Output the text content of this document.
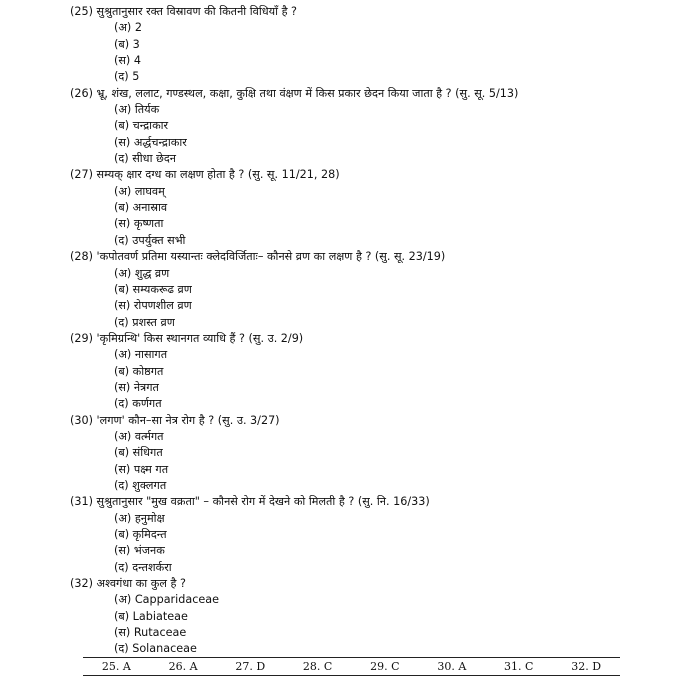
(25) सुश्रुतानुसार रक्त विस्रावण की कितनी विधियाँ है ?
(अ) 2
(ब) 3
(स) 4
(द) 5
(26) भ्रू, शंख, ललाट, गण्डस्थल, कक्षा, कुक्षि तथा वंक्षण में किस प्रकार छेदन किया जाता है ? (सु. सू. 5/13)
(अ) तिर्यक
(ब) चन्द्राकार
(स) अर्द्धचन्द्राकार
(द) सीधा छेदन
(27) सम्यक् क्षार दग्ध का लक्षण होता है ? (सु. सू. 11/21, 28)
(अ) लाघवम्
(ब) अनास्राव
(स) कृष्णता
(द) उपर्युक्त सभी
(28) 'कपोतवर्ण प्रतिमा यस्यान्तः क्लेदविर्जिताः– कौनसे व्रण का लक्षण है ? (सु. सू. 23/19)
(अ) शुद्ध व्रण
(ब) सम्यकरूढ व्रण
(स) रोपणशील व्रण
(द) प्रशस्त व्रण
(29) 'कृमिग्रन्थि' किस स्थानगत व्याधि हैं ? (सु. उ. 2/9)
(अ) नासागत
(ब) कोष्ठगत
(स) नेत्रगत
(द) कर्णगत
(30) 'लगण' कौन–सा नेत्र रोग है ? (सु. उ. 3/27)
(अ) वर्त्मगत
(ब) संधिगत
(स) पक्ष्म गत
(द) शुक्लगत
(31) सुश्रुतानुसार "मुख वक्रता" – कौनसे रोग में देखने को मिलती है ? (सु. नि. 16/33)
(अ) हनुमोक्ष
(ब) कृमिदन्त
(स) भंजनक
(द) दन्तशर्करा
(32) अश्वगंधा का कुल है ?
(अ) Capparidaceae
(ब) Labiateae
(स) Rutaceae
(द) Solanaceae
25. A	26. A	27. D	28. C	29. C	30. A	31. C	32. D
